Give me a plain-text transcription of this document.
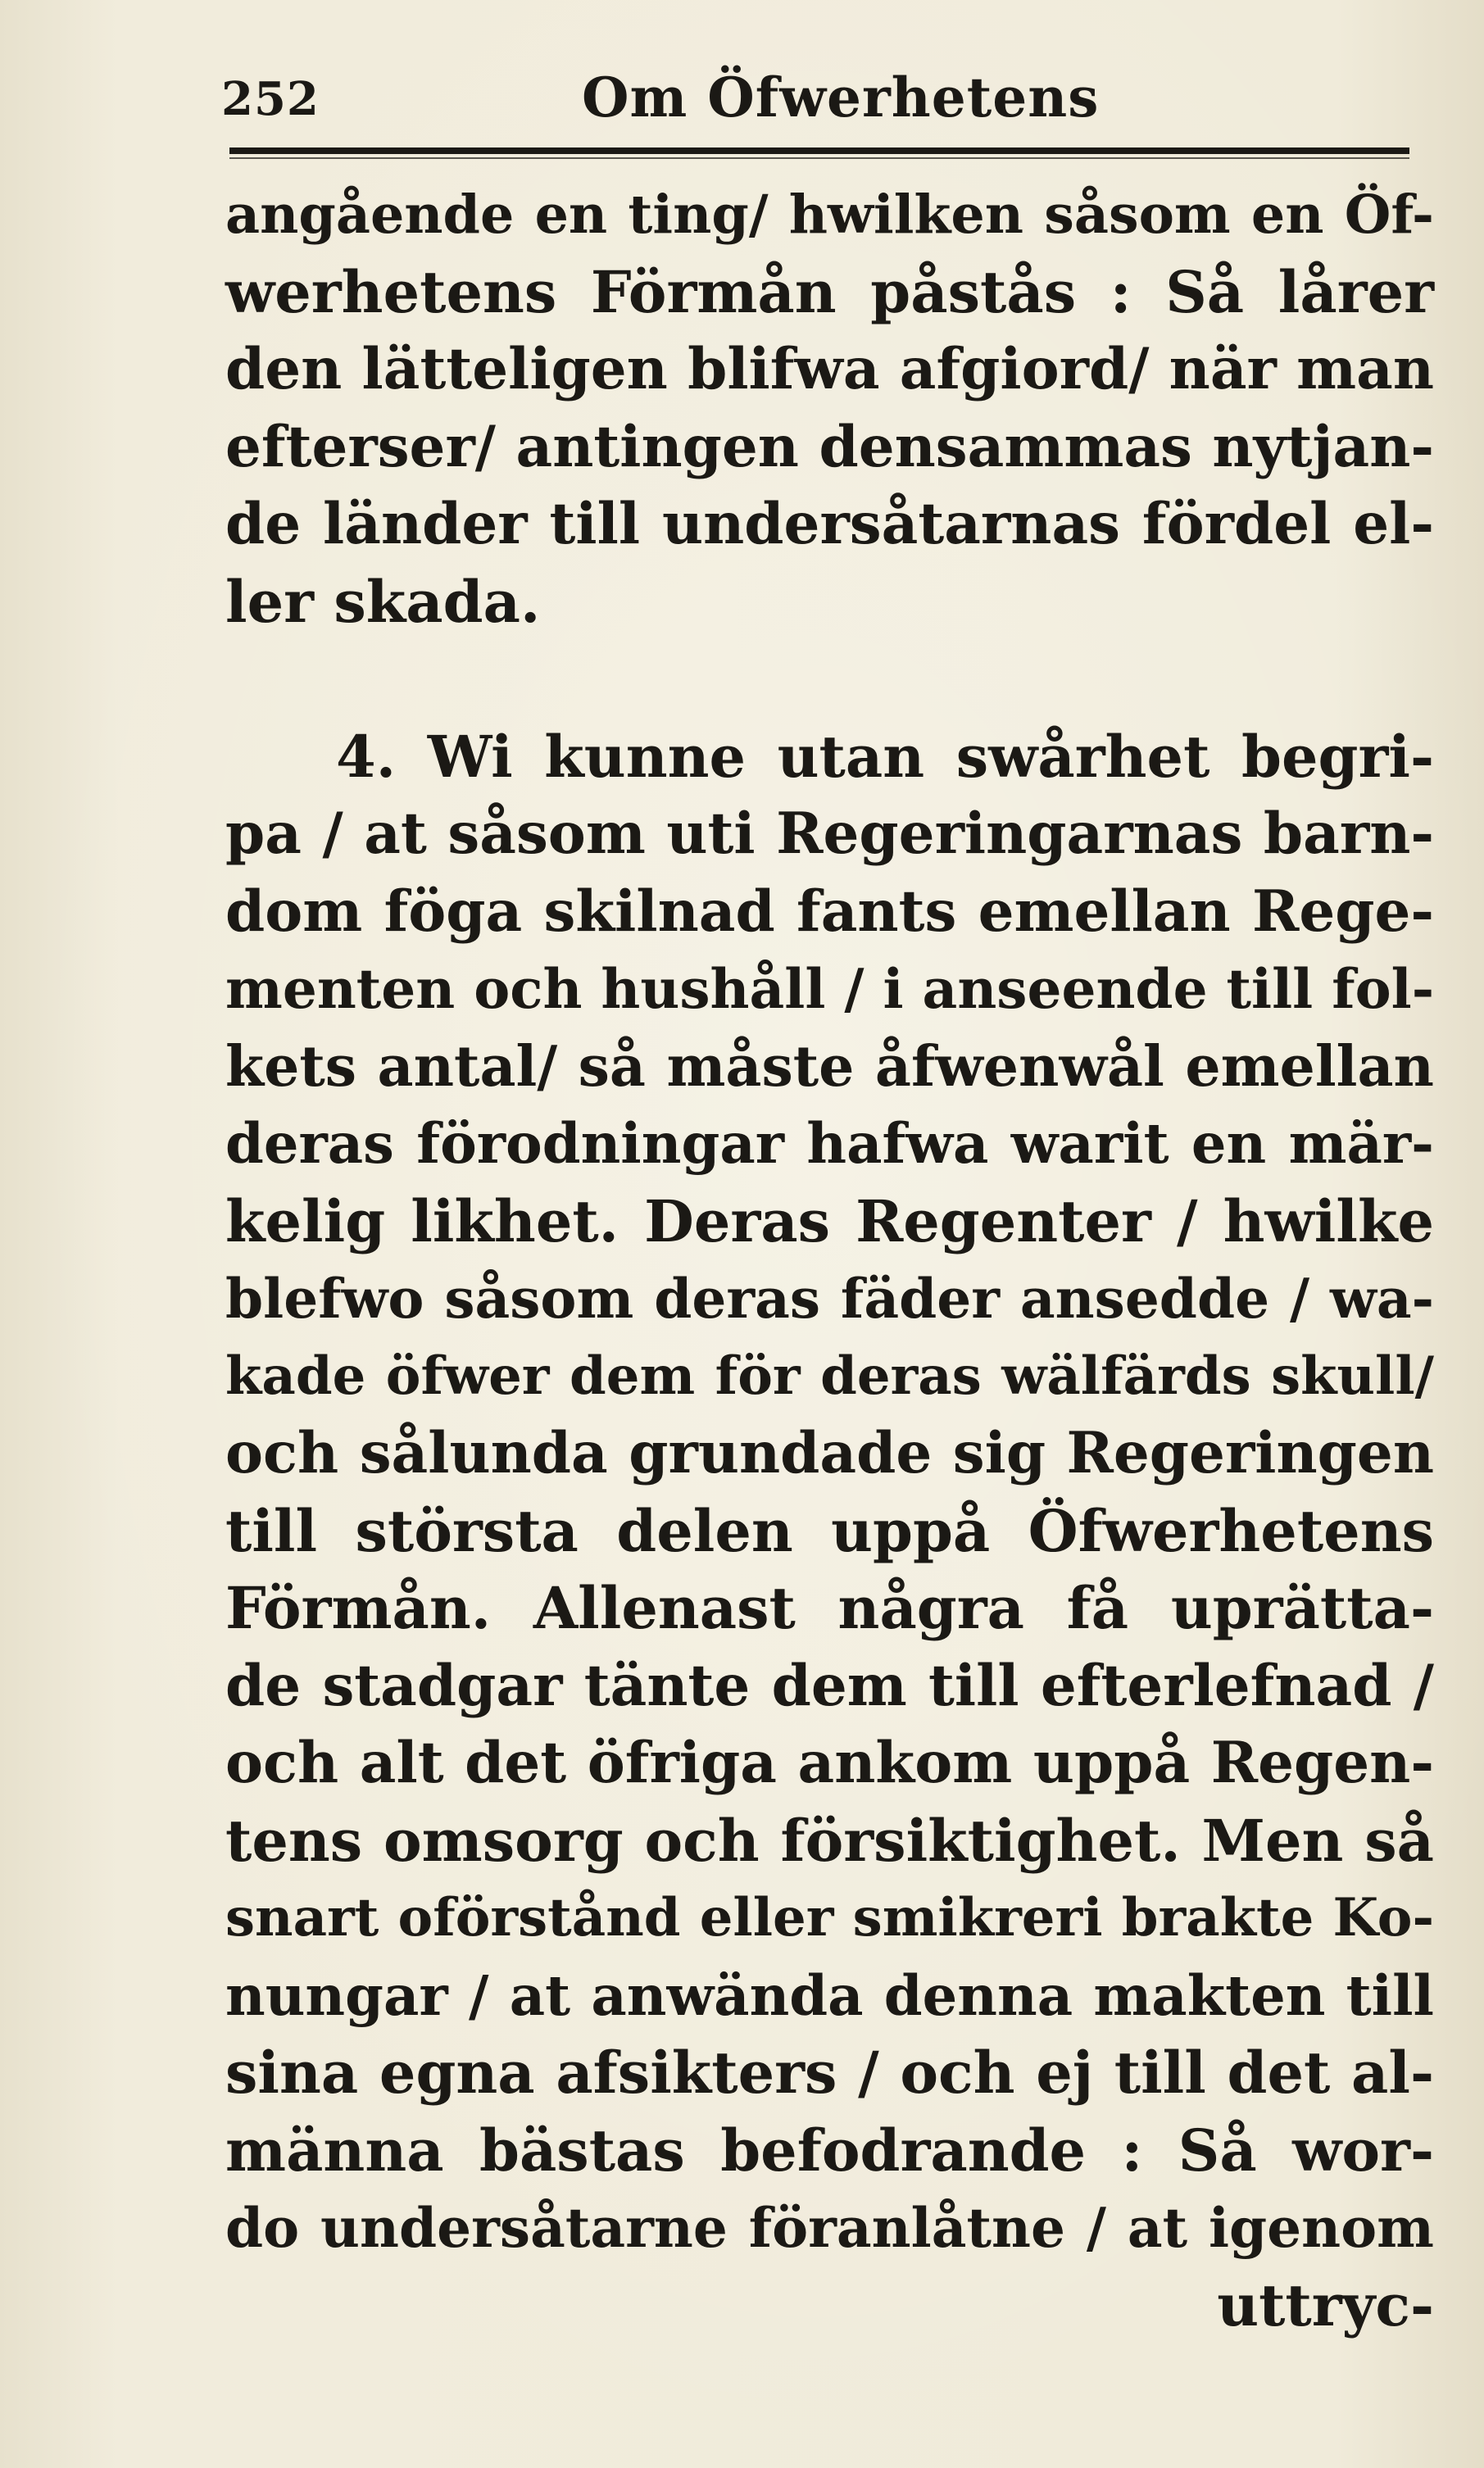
252	Om Öfwerhetens
angående en ting/ hwilken såsom en Öf-
werhetens Förmån påstås : Så lårer
den lätteligen blifwa afgiord/ när man
efterser/ antingen densammas nytjan-
de länder till undersåtarnas fördel el-
ler skada.
4. Wi kunne utan swårhet begri-
pa / at såsom uti Regeringarnas barn-
dom föga skilnad fants emellan Rege-
menten och hushåll / i anseende till fol-
kets antal/ så måste åfwenwål emellan
deras förodningar hafwa warit en mär-
kelig likhet. Deras Regenter / hwilke
blefwo såsom deras fäder ansedde / wa-
kade öfwer dem för deras wälfärds skull/
och sålunda grundade sig Regeringen
till största delen uppå Öfwerhetens
Förmån. Allenast några få uprätta-
de stadgar tänte dem till efterlefnad /
och alt det öfriga ankom uppå Regen-
tens omsorg och försiktighet. Men så
snart oförstånd eller smikreri brakte Ko-
nungar / at anwända denna makten till
sina egna afsikters / och ej till det al-
männa bästas befodrande : Så wor-
do undersåtarne föranlåtne / at igenom
uttryc-
